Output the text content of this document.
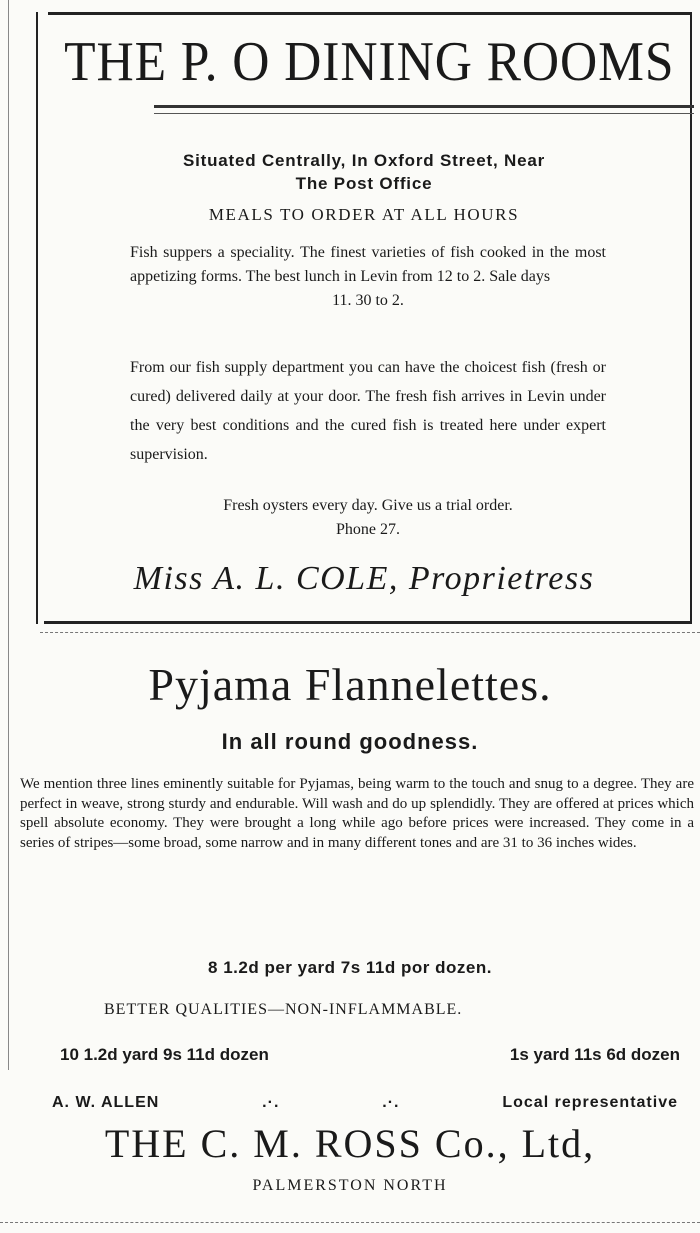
THE P. O DINING ROOMS
Situated Centrally, In Oxford Street, Near
The Post Office
MEALS TO ORDER AT ALL HOURS
Fish suppers a speciality. The finest varieties of fish cooked in the most appetizing forms. The best lunch in Levin from 12 to 2. Sale days
11. 30 to 2.
From our fish supply department you can have the choicest fish (fresh or cured) delivered daily at your door. The fresh fish arrives in Levin under the very best conditions and the cured fish is treated here under expert supervision.
Fresh oysters every day. Give us a trial order.
Phone 27.
Miss A. L. COLE, Proprietress
Pyjama Flannelettes.
In all round goodness.
We mention three lines eminently suitable for Pyjamas, being warm to the touch and snug to a degree. They are perfect in weave, strong sturdy and endurable. Will wash and do up splendidly. They are offered at prices which spell absolute economy. They were brought a long while ago before prices were increased. They come in a series of stripes—some broad, some narrow and in many different tones and are 31 to 36 inches wides.
8 1.2d per yard 7s 11d por dozen.
BETTER QUALITIES—NON-INFLAMMABLE.
10 1.2d yard 9s 11d dozen	1s yard 11s 6d dozen
A. W. ALLEN	.·.	.·.	Local representative
THE C. M. ROSS Co., Ltd,
PALMERSTON NORTH
